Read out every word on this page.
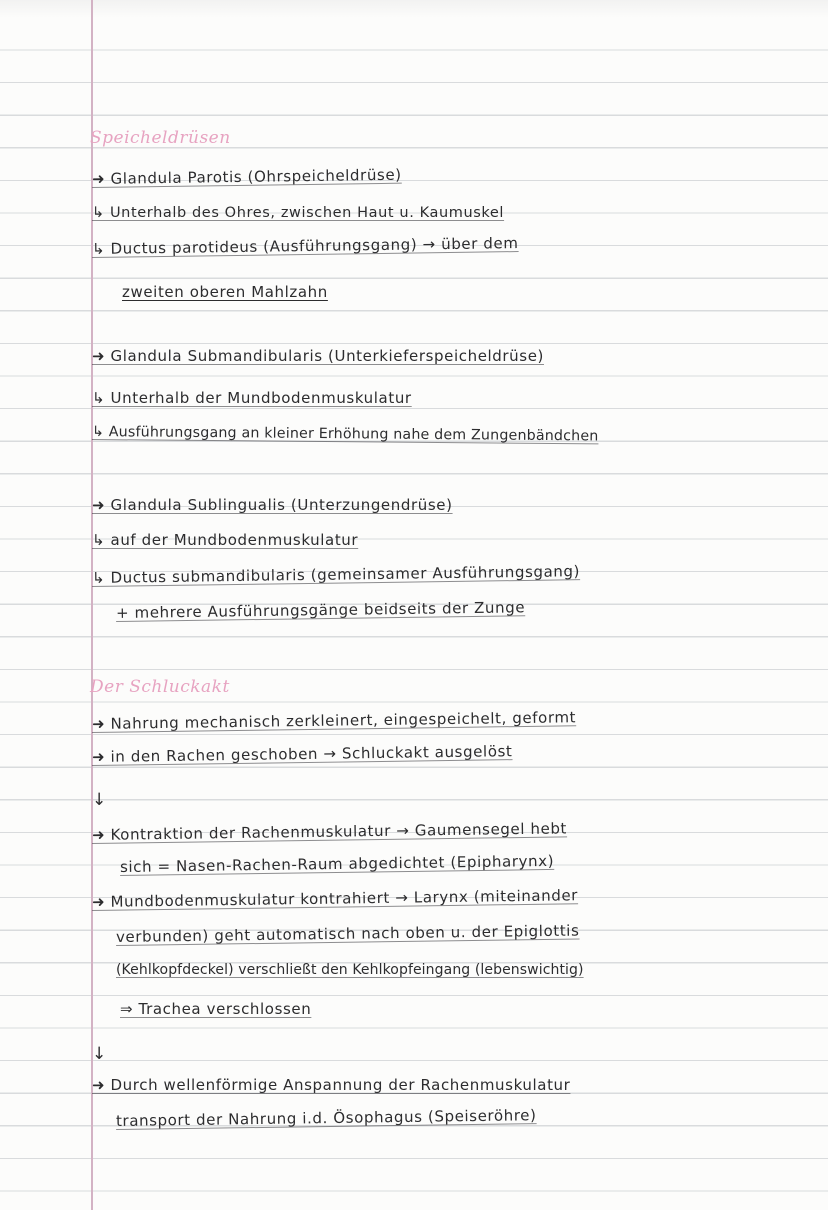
Speicheldrüsen
➜ Glandula Parotis (Ohrspeicheldrüse)
↳ Unterhalb des Ohres, zwischen Haut u. Kaumuskel
↳ Ductus parotideus (Ausführungsgang) → über dem
zweiten oberen Mahlzahn
➜ Glandula Submandibularis (Unterkieferspeicheldrüse)
↳ Unterhalb der Mundbodenmuskulatur
↳ Ausführungsgang an kleiner Erhöhung nahe dem Zungenbändchen
➜ Glandula Sublingualis (Unterzungendrüse)
↳ auf der Mundbodenmuskulatur
↳ Ductus submandibularis (gemeinsamer Ausführungsgang)
+ mehrere Ausführungsgänge beidseits der Zunge
Der Schluckakt
➜ Nahrung mechanisch zerkleinert, eingespeichelt, geformt
➜ in den Rachen geschoben → Schluckakt ausgelöst
↓
➜ Kontraktion der Rachenmuskulatur → Gaumensegel hebt
sich = Nasen-Rachen-Raum abgedichtet (Epipharynx)
➜ Mundbodenmuskulatur kontrahiert → Larynx (miteinander
verbunden) geht automatisch nach oben u. der Epiglottis
(Kehlkopfdeckel) verschließt den Kehlkopfeingang (lebenswichtig)
⇒ Trachea verschlossen
↓
➜ Durch wellenförmige Anspannung der Rachenmuskulatur
transport der Nahrung i.d. Ösophagus (Speiseröhre)
